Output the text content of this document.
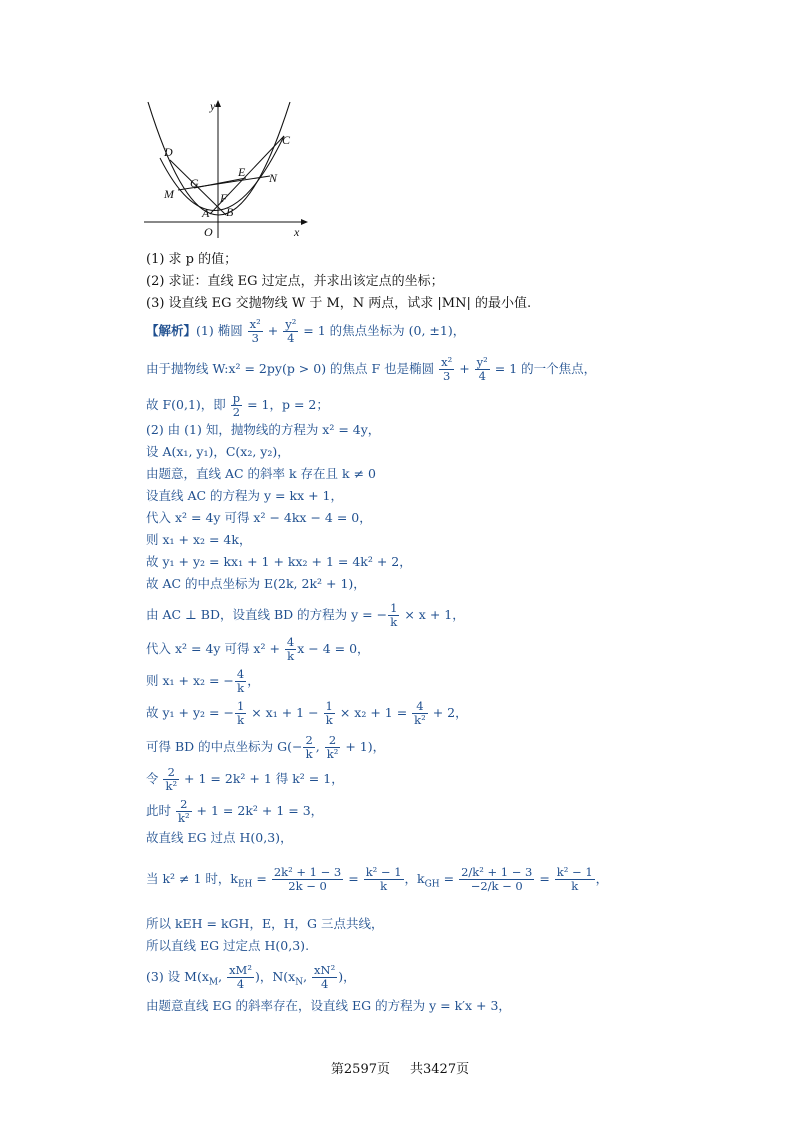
y
x
O
C
D
E N
G
M	F
A B
(1) 求 p 的值；
(2) 求证：直线 EG 过定点，并求出该定点的坐标；
(3) 设直线 EG 交抛物线 W 于 M，N 两点，试求 |MN| 的最小值.
【解析】(1) 椭圆 $\frac{\text{x²}}{3} + \frac{\text{y²}}{4} = 1$ 的焦点坐标为 (0, ±1)，
由于抛物线 W:x² = 2py(p > 0) 的焦点 F 也是椭圆 $\frac{\text{x²}}{3} + \frac{\text{y²}}{4} = 1$ 的一个焦点，
故 F(0,1)，即 $\frac{p}{2} = 1$，p = 2；
(2) 由 (1) 知，抛物线的方程为 x² = 4y，
设 A(x₁, y₁)，C(x₂, y₂)，
由题意，直线 AC 的斜率 k 存在且 k ≠ 0
设直线 AC 的方程为 y = kx + 1，
代入 x² = 4y 可得 x² − 4kx − 4 = 0，
则 x₁ + x₂ = 4k，
故 y₁ + y₂ = kx₁ + 1 + kx₂ + 1 = 4k² + 2，
故 AC 的中点坐标为 E(2k, 2k² + 1)，
由 AC ⊥ BD，设直线 BD 的方程为 y = − $\frac{1}{k} \times x + 1$，
代入 x² = 4y 可得 $x^2 + \frac{4}{k}$ x − 4 = 0，
则 x₁ + x₂ = − $\frac{4}{k}$ ，
故 y₁ + y₂ = − $\frac{1}{k} \times x_1 + 1 - \frac{1}{k} \times x_2 + 1 = \frac{4}{\text{k²}} + 2$，
可得 BD 的中点坐标为 $G(- \frac{2}{k}$ , $\frac{2}{\text{k²}} + 1$)，
令 $\frac{2}{\text{k²}} + 1 = 2k^2 + 1$ 得 k² = 1，
此时 $\frac{2}{\text{k²}} + 1 = 2k^2 + 1 = 3$，
故直线 EG 过点 H(0,3)，
当 k² ≠ 1 时，$k_{EH} = \frac{\text{2k² + 1 − 3}}{2k - 0} = \frac{\text{k² − 1}}{k}$ ，$k_{GH} = \frac{\text{2/k² + 1 − 3}}{-2/k - 0} = \frac{\text{k² − 1}}{k}$ ，
所以 kEH = kGH，E，H，G 三点共线，
所以直线 EG 过定点 H(0,3).
(3) 设 $M(x_M$, $\frac{\text{xM²}}{4}$ )，$N(x_N$, $\frac{\text{xN²}}{4}$ )，
由题意直线 EG 的斜率存在，设直线 EG 的方程为 y = k′x + 3，
第2597页 共3427页
